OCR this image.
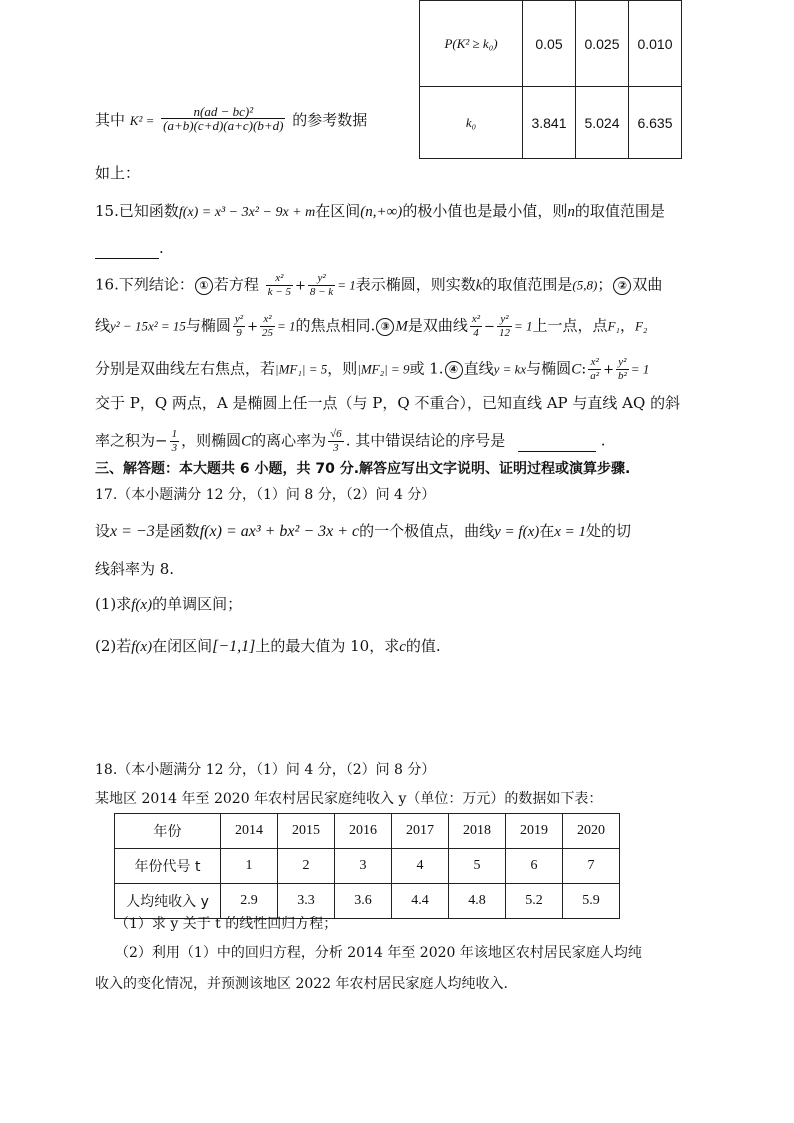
P(K² ≥ k₀)	0.05	0.025	0.010
k₀	3.841	5.024	6.635
其中 $K^2 = \frac{\text{n(ad − bc)²}}{(a+b)(c+d)(a+c)(b+d)}$ 的参考数据
如上：
15.已知函数f(x) = x³ − 3x² − 9x + m在区间(n,+∞)的极小值也是最小值，则n的取值范围是
.
16.下列结论： ① 若方程 $\frac{\text{x²}}{k - 5} + \frac{\text{y²}}{8 - k} = 1$表示椭圆，则实数k的取值范围是(5,8)； ② 双曲
线y² − 15x² = 15与椭圆 $\frac{\text{y²}}{9} + \frac{\text{x²}}{25} = 1$的焦点相同. ③ M是双曲线 $\frac{\text{x²}}{4} - \frac{\text{y²}}{12} = 1$上一点，点F₁，F₂
分别是双曲线左右焦点，若|MF₁| = 5，则|MF₂| = 9或 1. ④ 直线y = kx与椭圆C: $\frac{\text{x²}}{\text{a²}} + \frac{\text{y²}}{\text{b²}} = 1$
交于 P，Q 两点，A 是椭圆上任一点（与 P，Q 不重合），已知直线 AP 与直线 AQ 的斜
率之积为− $\frac{1}{3}$ ，则椭圆C的离心率为 $\frac{√6}{3}$ . 其中错误结论的序号是	.
三、解答题：本大题共 6 小题，共 70 分.解答应写出文字说明、证明过程或演算步骤.
17.（本小题满分 12 分，（1）问 8 分，（2）问 4 分）
设x = −3是函数f(x) = ax³ + bx² − 3x + c的一个极值点，曲线y = f(x)在x = 1处的切
线斜率为 8.
(1)求f(x)的单调区间；
(2)若f(x)在闭区间[−1,1]上的最大值为 10，求c的值.
18.（本小题满分 12 分，（1）问 4 分，（2）问 8 分）
某地区 2014 年至 2020 年农村居民家庭纯收入 y（单位：万元）的数据如下表：
年份	2014	2015	2016	2017	2018	2019	2020
年份代号 t	1	2	3	4	5	6	7
人均纯收入 y	2.9	3.3	3.6	4.4	4.8	5.2	5.9
（1）求 y 关于 t 的线性回归方程；
（2）利用（1）中的回归方程，分析 2014 年至 2020 年该地区农村居民家庭人均纯
收入的变化情况，并预测该地区 2022 年农村居民家庭人均纯收入.
